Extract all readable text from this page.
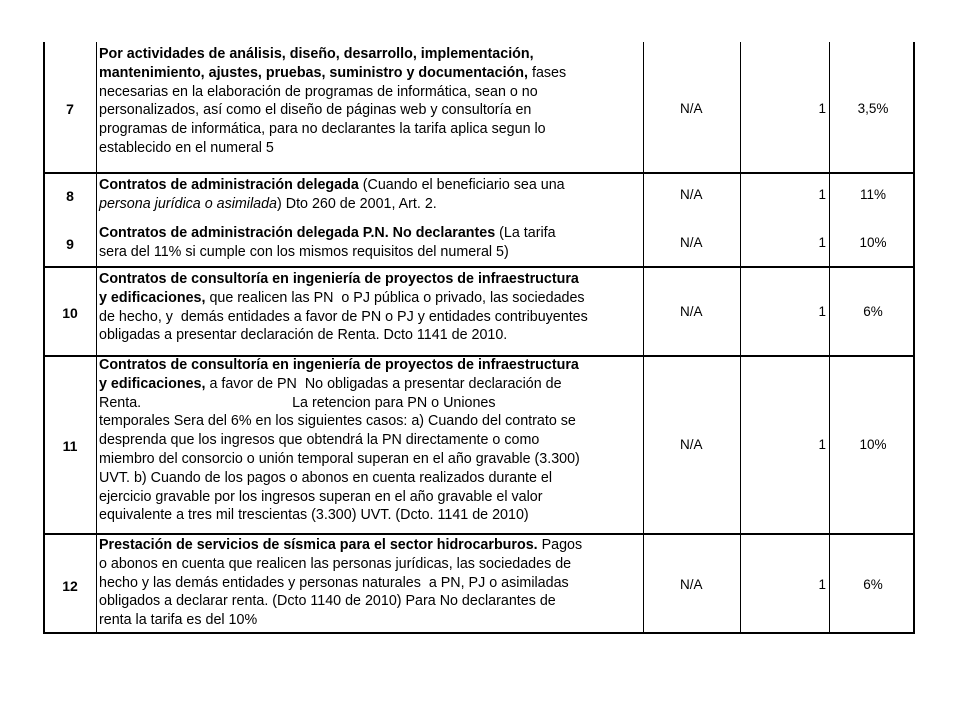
7
Por actividades de análisis, diseño, desarrollo, implementación,
mantenimiento, ajustes, pruebas, suministro y documentación, fases
necesarias en la elaboración de programas de informática, sean o no
personalizados, así como el diseño de páginas web y consultoría en
programas de informática, para no declarantes la tarifa aplica segun lo
establecido en el numeral 5
N/A	1	3,5%
8
Contratos de administración delegada (Cuando el beneficiario sea una
persona jurídica o asimilada) Dto 260 de 2001, Art. 2.
N/A	1	11%
9
Contratos de administración delegada P.N. No declarantes (La tarifa
sera del 11% si cumple con los mismos requisitos del numeral 5)
N/A	1	10%
10
Contratos de consultoría en ingeniería de proyectos de infraestructura
y edificaciones, que realicen las PN  o PJ pública o privado, las sociedades
de hecho, y  demás entidades a favor de PN o PJ y entidades contribuyentes
obligadas a presentar declaración de Renta. Dcto 1141 de 2010.
N/A	1	6%
11
Contratos de consultoría en ingeniería de proyectos de infraestructura
y edificaciones, a favor de PN  No obligadas a presentar declaración de
Renta.                                      La retencion para PN o Uniones
temporales Sera del 6% en los siguientes casos: a) Cuando del contrato se
desprenda que los ingresos que obtendrá la PN directamente o como
miembro del consorcio o unión temporal superan en el año gravable (3.300)
UVT. b) Cuando de los pagos o abonos en cuenta realizados durante el
ejercicio gravable por los ingresos superan en el año gravable el valor
equivalente a tres mil trescientas (3.300) UVT. (Dcto. 1141 de 2010)
N/A	1	10%
12
Prestación de servicios de sísmica para el sector hidrocarburos. Pagos
o abonos en cuenta que realicen las personas jurídicas, las sociedades de
hecho y las demás entidades y personas naturales  a PN, PJ o asimiladas
obligados a declarar renta. (Dcto 1140 de 2010) Para No declarantes de
renta la tarifa es del 10%
N/A	1	6%
